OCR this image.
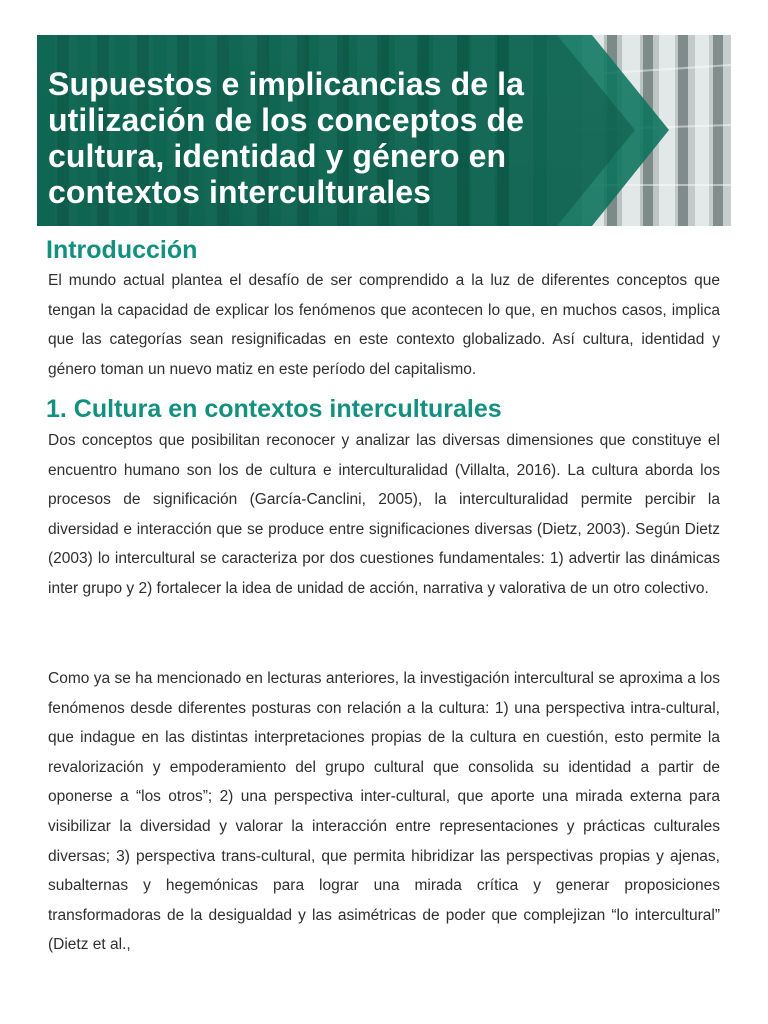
Supuestos e implicancias de la utilización de los conceptos de cultura, identidad y género en contextos interculturales
Introducción

El mundo actual plantea el desafío de ser comprendido a la luz de diferentes conceptos que tengan la capacidad de explicar los fenómenos que acontecen lo que, en muchos casos, implica que las categorías sean resignificadas en este contexto globalizado. Así cultura, identidad y género toman un nuevo matiz en este período del capitalismo.

1. Cultura en contextos interculturales

Dos conceptos que posibilitan reconocer y analizar las diversas dimensiones que constituye el encuentro humano son los de cultura e interculturalidad (Villalta, 2016). La cultura aborda los procesos de significación (García-Canclini, 2005), la interculturalidad permite percibir la diversidad e interacción que se produce entre significaciones diversas (Dietz, 2003). Según Dietz (2003) lo intercultural se caracteriza por dos cuestiones fundamentales: 1) advertir las dinámicas inter grupo y 2) fortalecer la idea de unidad de acción, narrativa y valorativa de un otro colectivo.

Como ya se ha mencionado en lecturas anteriores, la investigación intercultural se aproxima a los fenómenos desde diferentes posturas con relación a la cultura: 1) una perspectiva intra-cultural, que indague en las distintas interpretaciones propias de la cultura en cuestión, esto permite la revalorización y empoderamiento del grupo cultural que consolida su identidad a partir de oponerse a “los otros”; 2) una perspectiva inter-cultural, que aporte una mirada externa para visibilizar la diversidad y valorar la interacción entre representaciones y prácticas culturales diversas; 3) perspectiva trans-cultural, que permita hibridizar las perspectivas propias y ajenas, subalternas y hegemónicas para lograr una mirada crítica y generar proposiciones transformadoras de la desigualdad y las asimétricas de poder que complejizan “lo intercultural” (Dietz et al.,
